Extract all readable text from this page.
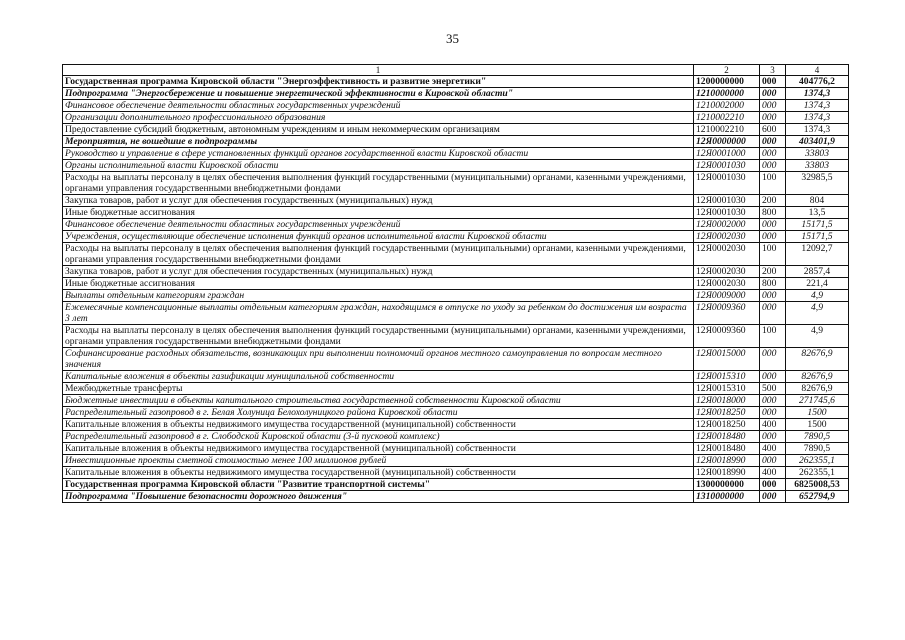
35
1	2	3	4
Государственная программа Кировской области "Энергоэффективность и развитие энергетики"	1200000000	000	404776,2
Подпрограмма "Энергосбережение и повышение энергетической эффективности в Кировской области"	1210000000	000	1374,3
Финансовое обеспечение деятельности областных государственных учреждений	1210002000	000	1374,3
Организации дополнительного профессионального образования	1210002210	000	1374,3
Предоставление субсидий бюджетным, автономным учреждениям и иным некоммерческим организациям	1210002210	600	1374,3
Мероприятия, не вошедшие в подпрограммы	12Я0000000	000	403401,9
Руководство и управление в сфере установленных функций органов государственной власти Кировской области	12Я0001000	000	33803
Органы исполнительной власти Кировской области	12Я0001030	000	33803
Расходы на выплаты персоналу в целях обеспечения выполнения функций государственными (муниципальными) органами, казенными учреждениями, органами управления государственными внебюджетными фондами	12Я0001030	100	32985,5
Закупка товаров, работ и услуг для обеспечения государственных (муниципальных) нужд	12Я0001030	200	804
Иные бюджетные ассигнования	12Я0001030	800	13,5
Финансовое обеспечение деятельности областных государственных учреждений	12Я0002000	000	15171,5
Учреждения, осуществляющие обеспечение исполнения функций органов исполнительной власти Кировской области	12Я0002030	000	15171,5
Расходы на выплаты персоналу в целях обеспечения выполнения функций государственными (муниципальными) органами, казенными учреждениями, органами управления государственными внебюджетными фондами	12Я0002030	100	12092,7
Закупка товаров, работ и услуг для обеспечения государственных (муниципальных) нужд	12Я0002030	200	2857,4
Иные бюджетные ассигнования	12Я0002030	800	221,4
Выплаты отдельным категориям граждан	12Я0009000	000	4,9
Ежемесячные компенсационные выплаты отдельным категориям граждан, находящимся в отпуске по уходу за ребенком до достижения им возраста 3 лет	12Я0009360	000	4,9
Расходы на выплаты персоналу в целях обеспечения выполнения функций государственными (муниципальными) органами, казенными учреждениями, органами управления государственными внебюджетными фондами	12Я0009360	100	4,9
Софинансирование расходных обязательств, возникающих при выполнении полномочий органов местного самоуправления по вопросам местного значения	12Я0015000	000	82676,9
Капитальные вложения в объекты газификации муниципальной собственности	12Я0015310	000	82676,9
Межбюджетные трансферты	12Я0015310	500	82676,9
Бюджетные инвестиции в объекты капитального строительства государственной собственности Кировской области	12Я0018000	000	271745,6
Распределительный газопровод в г. Белая Холуница Белохолуницкого района Кировской области	12Я0018250	000	1500
Капитальные вложения в объекты недвижимого имущества государственной (муниципальной) собственности	12Я0018250	400	1500
Распределительный газопровод в г. Слободской Кировской области (3-й пусковой комплекс)	12Я0018480	000	7890,5
Капитальные вложения в объекты недвижимого имущества государственной (муниципальной) собственности	12Я0018480	400	7890,5
Инвестиционные проекты сметной стоимостью менее 100 миллионов рублей	12Я0018990	000	262355,1
Капитальные вложения в объекты недвижимого имущества государственной (муниципальной) собственности	12Я0018990	400	262355,1
Государственная программа Кировской области "Развитие транспортной системы"	1300000000	000	6825008,53
Подпрограмма "Повышение безопасности дорожного движения"	1310000000	000	652794,9
